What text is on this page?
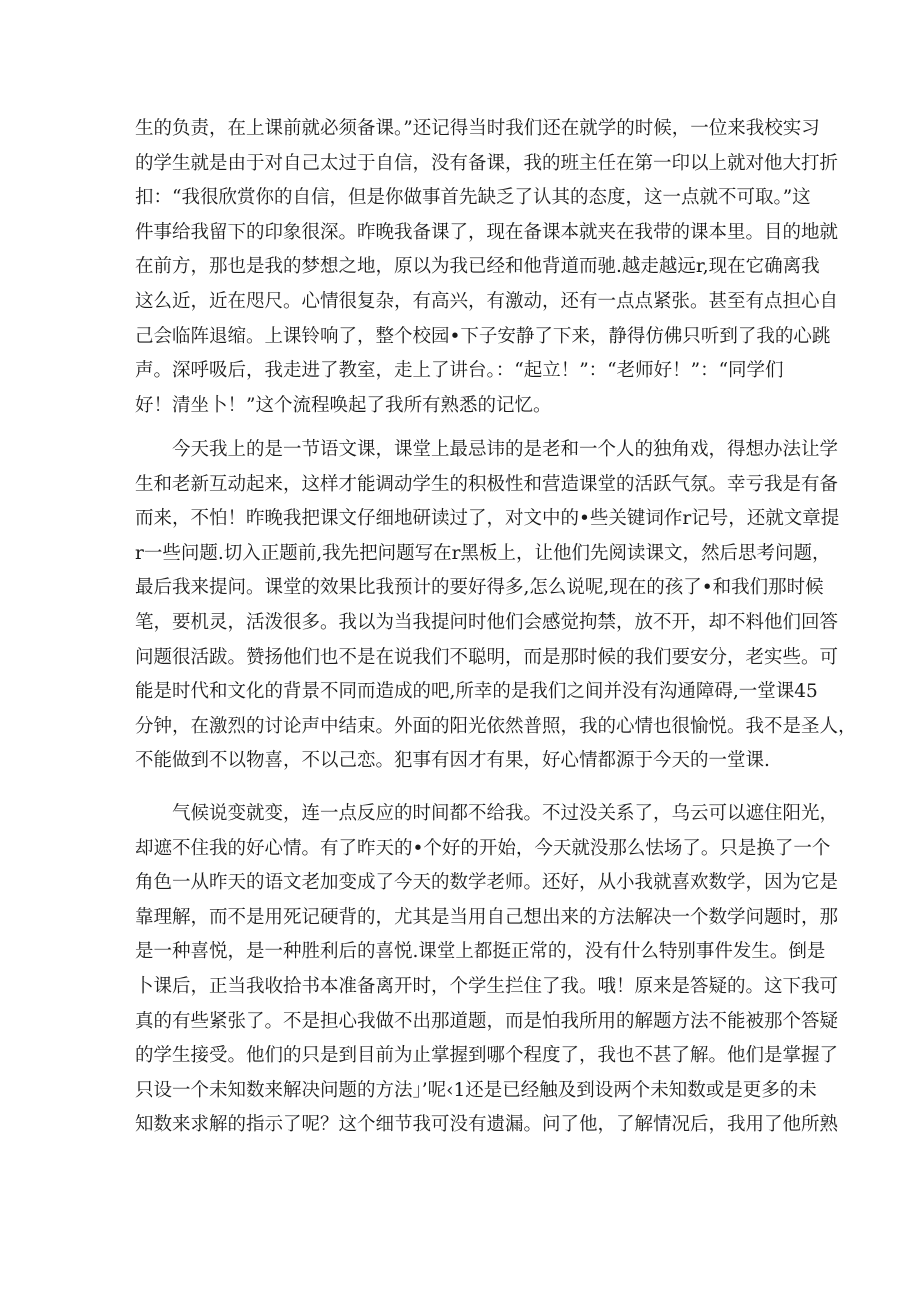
生的负责，在上课前就必须备课。”还记得当时我们还在就学的时候，一位来我校实习
的学生就是由于对自己太过于自信，没有备课，我的班主任在第一印以上就对他大打折
扣：“我很欣赏你的自信，但是你做事首先缺乏了认其的态度，这一点就不可取。”这
件事给我留下的印象很深。昨晚我备课了，现在备课本就夹在我带的课本里。目的地就
在前方，那也是我的梦想之地，原以为我已经和他背道而驰.越走越远r,现在它确离我
这么近，近在咫尺。心情很复杂，有高兴，有激动，还有一点点紧张。甚至有点担心自
己会临阵退缩。上课铃响了，整个校园•下子安静了下来，静得仿佛只听到了我的心跳
声。深呼吸后，我走进了教室，走上了讲台。：“起立！”：“老师好！”：“同学们
好！清坐卜！”这个流程唤起了我所有熟悉的记忆。
今天我上的是一节语文课，课堂上最忌讳的是老和一个人的独角戏，得想办法让学
生和老新互动起来，这样才能调动学生的积极性和营造课堂的活跃气氛。幸亏我是有备
而来，不怕！昨晚我把课文仔细地研读过了，对文中的•些关键词作r记号，还就文章提
r一些问题.切入正题前,我先把问题写在r黑板上，让他们先阅读课文，然后思考问题，
最后我来提问。课堂的效果比我预计的要好得多,怎么说呢,现在的孩了•和我们那时候
笔，要机灵，活泼很多。我以为当我提问时他们会感觉拘禁，放不开，却不料他们回答
问题很活跋。赞扬他们也不是在说我们不聪明，而是那时候的我们要安分，老实些。可
能是时代和文化的背景不同而造成的吧,所幸的是我们之间并没有沟通障碍,一堂课45
分钟，在激烈的讨论声中结束。外面的阳光依然普照，我的心情也很愉悦。我不是圣人，
不能做到不以物喜，不以己恋。犯事有因才有果，好心情都源于今天的一堂课.
气候说变就变，连一点反应的时间都不给我。不过没关系了，乌云可以遮住阳光，
却遮不住我的好心情。有了昨天的•个好的开始，今天就没那么怯场了。只是换了一个
角色一从昨天的语文老加变成了今天的数学老师。还好，从小我就喜欢数学，因为它是
靠理解，而不是用死记硬背的，尤其是当用自己想出来的方法解决一个数学问题时，那
是一种喜悦，是一种胜利后的喜悦.课堂上都挺正常的，没有什么特别事件发生。倒是
卜课后，正当我收拾书本准备离开时，个学生拦住了我。哦！原来是答疑的。这下我可
真的有些紧张了。不是担心我做不出那道题，而是怕我所用的解题方法不能被那个答疑
的学生接受。他们的只是到目前为止掌握到哪个程度了，我也不甚了解。他们是掌握了
只设一个未知数来解决问题的方法」’呢‹1还是已经触及到设两个未知数或是更多的未
知数来求解的指示了呢？这个细节我可没有遗漏。问了他，了解情况后，我用了他所熟
